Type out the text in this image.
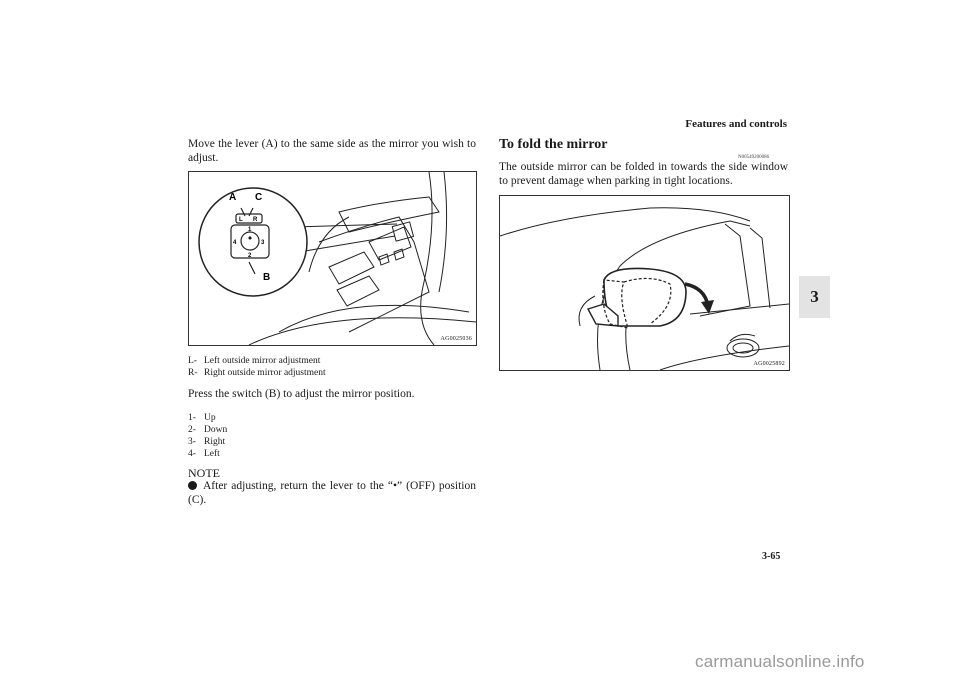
Features and controls
3
Move the lever (A) to the same side as the mirror you wish to adjust.
A C
L R
1
2
3
4
B
AG0025036
L- Left outside mirror adjustment
R- Right outside mirror adjustment
Press the switch (B) to adjust the mirror position.
1- Up
2- Down
3- Right
4- Left
NOTE
After adjusting, return the lever to the “•” (OFF) position (C).
To fold the mirror
N00549200086
The outside mirror can be folded in towards the side window to prevent damage when parking in tight locations.
AG0025892
3-65
carmanualsonline.info
